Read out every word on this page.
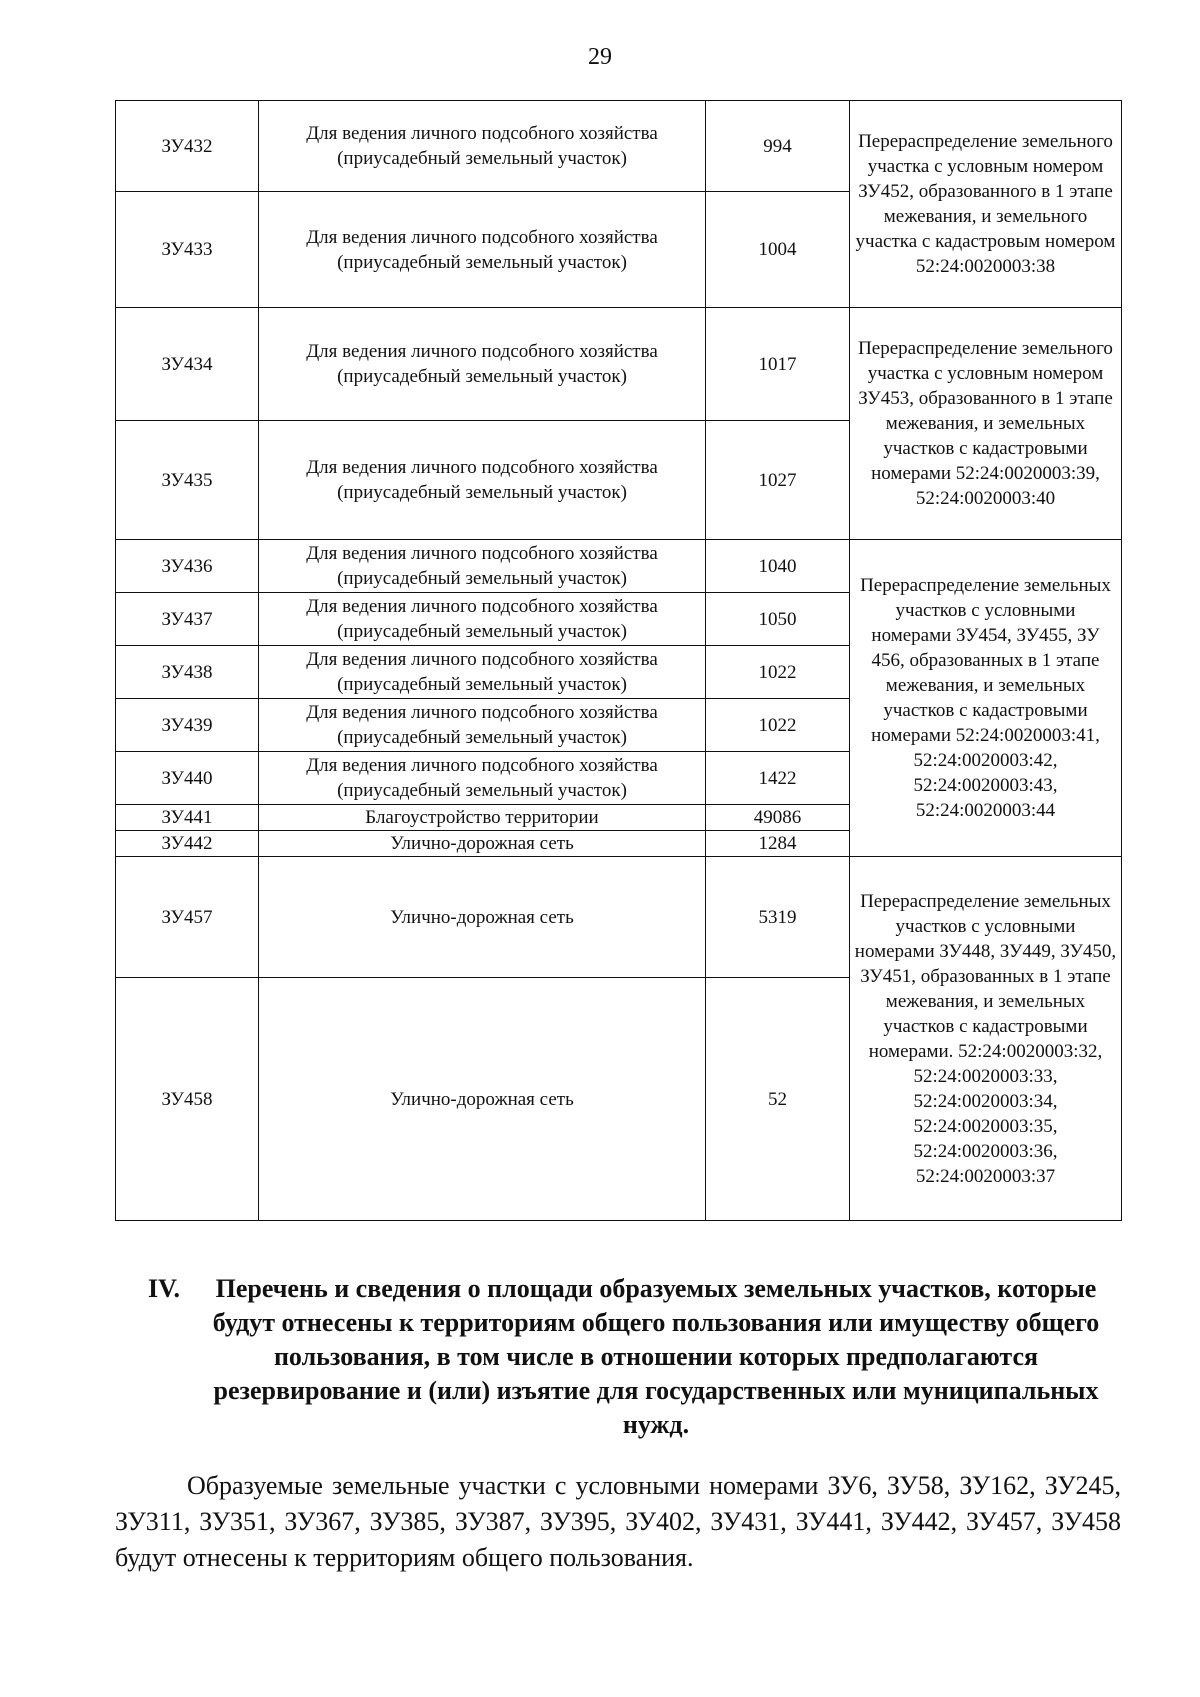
29
ЗУ432	Для ведения личного подсобного хозяйства (приусадебный земельный участок)	994	Перераспределение земельного участка с условным номером ЗУ452, образованного в 1 этапе межевания, и земельного участка с кадастровым номером 52:24:0020003:38
ЗУ433	Для ведения личного подсобного хозяйства (приусадебный земельный участок)	1004	
ЗУ434	Для ведения личного подсобного хозяйства (приусадебный земельный участок)	1017	Перераспределение земельного участка с условным номером ЗУ453, образованного в 1 этапе межевания, и земельных участков с кадастровыми номерами 52:24:0020003:39, 52:24:0020003:40
ЗУ435	Для ведения личного подсобного хозяйства (приусадебный земельный участок)	1027	
ЗУ436	Для ведения личного подсобного хозяйства (приусадебный земельный участок)	1040	Перераспределение земельных участков с условными номерами ЗУ454, ЗУ455, ЗУ 456, образованных в 1 этапе межевания, и земельных участков с кадастровыми номерами 52:24:0020003:41, 52:24:0020003:42, 52:24:0020003:43, 52:24:0020003:44
ЗУ437	Для ведения личного подсобного хозяйства (приусадебный земельный участок)	1050	
ЗУ438	Для ведения личного подсобного хозяйства (приусадебный земельный участок)	1022	
ЗУ439	Для ведения личного подсобного хозяйства (приусадебный земельный участок)	1022	
ЗУ440	Для ведения личного подсобного хозяйства (приусадебный земельный участок)	1422	
ЗУ441	Благоустройство территории	49086	
ЗУ442	Улично-дорожная сеть	1284	
ЗУ457	Улично-дорожная сеть	5319	Перераспределение земельных участков с условными номерами ЗУ448, ЗУ449, ЗУ450, ЗУ451, образованных в 1 этапе межевания, и земельных участков с кадастровыми номерами. 52:24:0020003:32, 52:24:0020003:33, 52:24:0020003:34, 52:24:0020003:35, 52:24:0020003:36, 52:24:0020003:37
ЗУ458	Улично-дорожная сеть	52	
IV.	Перечень и сведения о площади образуемых земельных участков, которые будут отнесены к территориям общего пользования или имуществу общего пользования, в том числе в отношении которых предполагаются резервирование и (или) изъятие для государственных или муниципальных нужд.
Образуемые земельные участки с условными номерами ЗУ6, ЗУ58, ЗУ162, ЗУ245, ЗУ311, ЗУ351, ЗУ367, ЗУ385, ЗУ387, ЗУ395, ЗУ402, ЗУ431, ЗУ441, ЗУ442, ЗУ457, ЗУ458 будут отнесены к территориям общего пользования.
